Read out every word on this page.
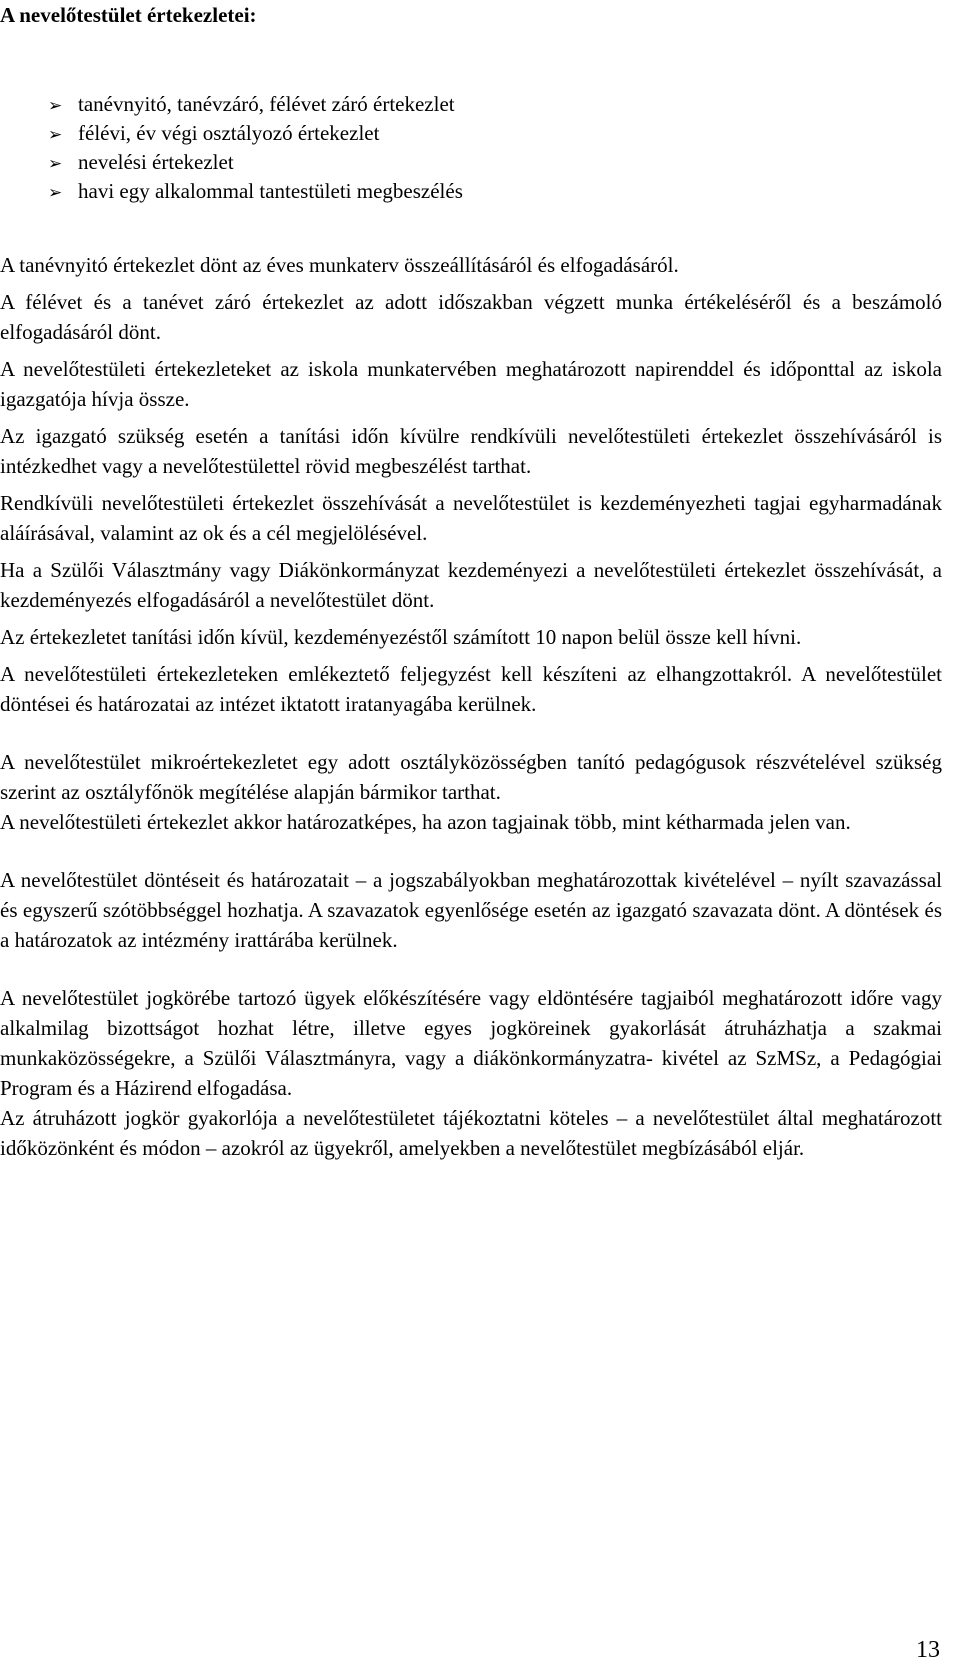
A nevelőtestület értekezletei:
➢ tanévnyitó, tanévzáró, félévet záró értekezlet
➢ félévi, év végi osztályozó értekezlet
➢ nevelési értekezlet
➢ havi egy alkalommal tantestületi megbeszélés

A tanévnyitó értekezlet dönt az éves munkaterv összeállításáról és elfogadásáról.

A félévet és a tanévet záró értekezlet az adott időszakban végzett munka értékeléséről és a beszámoló elfogadásáról dönt.

A nevelőtestületi értekezleteket az iskola munkatervében meghatározott napirenddel és időponttal az iskola igazgatója hívja össze.

Az igazgató szükség esetén a tanítási időn kívülre rendkívüli nevelőtestületi értekezlet összehívásáról is intézkedhet vagy a nevelőtestülettel rövid megbeszélést tarthat.

Rendkívüli nevelőtestületi értekezlet összehívását a nevelőtestület is kezdeményezheti tagjai egyharmadának aláírásával, valamint az ok és a cél megjelölésével.

Ha a Szülői Választmány vagy Diákönkormányzat kezdeményezi a nevelőtestületi értekezlet összehívását, a kezdeményezés elfogadásáról a nevelőtestület dönt.

Az értekezletet tanítási időn kívül, kezdeményezéstől számított 10 napon belül össze kell hívni.

A nevelőtestületi értekezleteken emlékeztető feljegyzést kell készíteni az elhangzottakról. A nevelőtestület döntései és határozatai az intézet iktatott iratanyagába kerülnek.

A nevelőtestület mikroértekezletet egy adott osztályközösségben tanító pedagógusok részvételével szükség szerint az osztályfőnök megítélése alapján bármikor tarthat.

A nevelőtestületi értekezlet akkor határozatképes, ha azon tagjainak több, mint kétharmada jelen van.

A nevelőtestület döntéseit és határozatait – a jogszabályokban meghatározottak kivételével – nyílt szavazással és egyszerű szótöbbséggel hozhatja. A szavazatok egyenlősége esetén az igazgató szavazata dönt. A döntések és a határozatok az intézmény irattárába kerülnek.

A nevelőtestület jogkörébe tartozó ügyek előkészítésére vagy eldöntésére tagjaiból meghatározott időre vagy alkalmilag bizottságot hozhat létre, illetve egyes jogköreinek gyakorlását átruházhatja a szakmai munkaközösségekre, a Szülői Választmányra, vagy a diákönkormányzatra- kivétel az SzMSz, a Pedagógiai Program és a Házirend elfogadása.

Az átruházott jogkör gyakorlója a nevelőtestületet tájékoztatni köteles – a nevelőtestület által meghatározott időközönként és módon – azokról az ügyekről, amelyekben a nevelőtestület megbízásából eljár.

13
